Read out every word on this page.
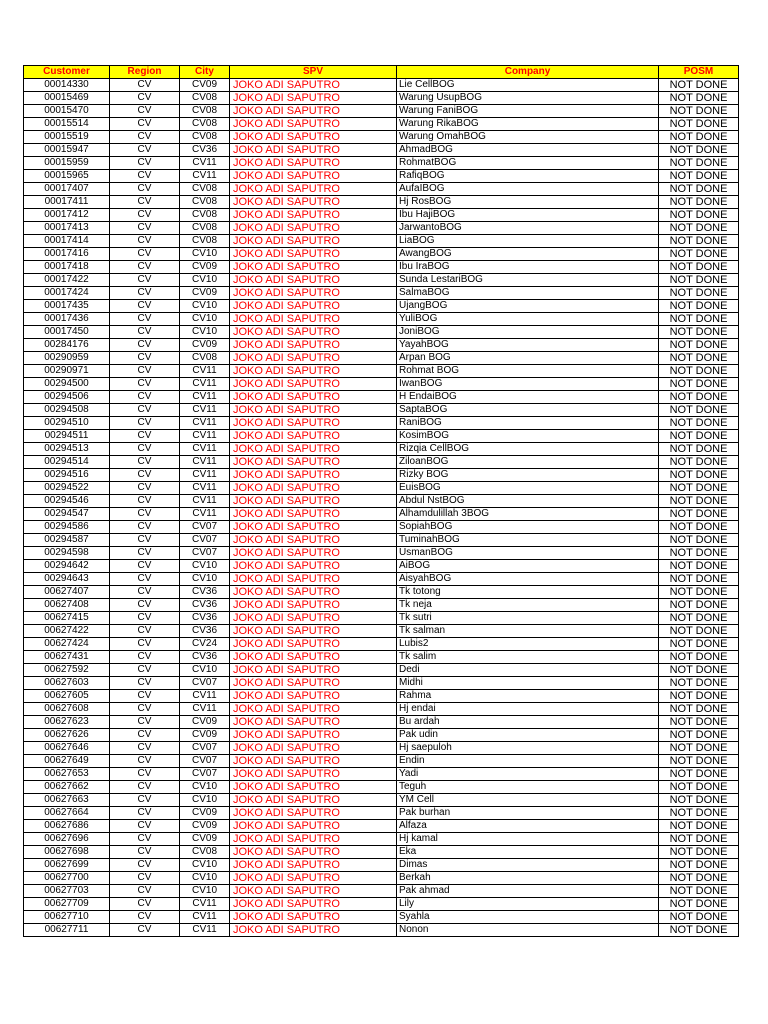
Customer	Region	City	SPV	Company	POSM
00014330	CV	CV09	JOKO ADI SAPUTRO	Lie CellBOG	NOT DONE
00015469	CV	CV08	JOKO ADI SAPUTRO	Warung UsupBOG	NOT DONE
00015470	CV	CV08	JOKO ADI SAPUTRO	Warung FaniBOG	NOT DONE
00015514	CV	CV08	JOKO ADI SAPUTRO	Warung RikaBOG	NOT DONE
00015519	CV	CV08	JOKO ADI SAPUTRO	Warung OmahBOG	NOT DONE
00015947	CV	CV36	JOKO ADI SAPUTRO	AhmadBOG	NOT DONE
00015959	CV	CV11	JOKO ADI SAPUTRO	RohmatBOG	NOT DONE
00015965	CV	CV11	JOKO ADI SAPUTRO	RafiqBOG	NOT DONE
00017407	CV	CV08	JOKO ADI SAPUTRO	AufaIBOG	NOT DONE
00017411	CV	CV08	JOKO ADI SAPUTRO	Hj RosBOG	NOT DONE
00017412	CV	CV08	JOKO ADI SAPUTRO	Ibu HajiBOG	NOT DONE
00017413	CV	CV08	JOKO ADI SAPUTRO	JarwantoBOG	NOT DONE
00017414	CV	CV08	JOKO ADI SAPUTRO	LiaBOG	NOT DONE
00017416	CV	CV10	JOKO ADI SAPUTRO	AwangBOG	NOT DONE
00017418	CV	CV09	JOKO ADI SAPUTRO	Ibu IraBOG	NOT DONE
00017422	CV	CV10	JOKO ADI SAPUTRO	Sunda LestariBOG	NOT DONE
00017424	CV	CV09	JOKO ADI SAPUTRO	SalmaBOG	NOT DONE
00017435	CV	CV10	JOKO ADI SAPUTRO	UjangBOG	NOT DONE
00017436	CV	CV10	JOKO ADI SAPUTRO	YuliBOG	NOT DONE
00017450	CV	CV10	JOKO ADI SAPUTRO	JoniBOG	NOT DONE
00284176	CV	CV09	JOKO ADI SAPUTRO	YayahBOG	NOT DONE
00290959	CV	CV08	JOKO ADI SAPUTRO	Arpan BOG	NOT DONE
00290971	CV	CV11	JOKO ADI SAPUTRO	Rohmat BOG	NOT DONE
00294500	CV	CV11	JOKO ADI SAPUTRO	IwanBOG	NOT DONE
00294506	CV	CV11	JOKO ADI SAPUTRO	H EndaiBOG	NOT DONE
00294508	CV	CV11	JOKO ADI SAPUTRO	SaptaBOG	NOT DONE
00294510	CV	CV11	JOKO ADI SAPUTRO	RaniBOG	NOT DONE
00294511	CV	CV11	JOKO ADI SAPUTRO	KosimBOG	NOT DONE
00294513	CV	CV11	JOKO ADI SAPUTRO	Rizqia CellBOG	NOT DONE
00294514	CV	CV11	JOKO ADI SAPUTRO	ZiloanBOG	NOT DONE
00294516	CV	CV11	JOKO ADI SAPUTRO	Rizky BOG	NOT DONE
00294522	CV	CV11	JOKO ADI SAPUTRO	EuisBOG	NOT DONE
00294546	CV	CV11	JOKO ADI SAPUTRO	Abdul NstBOG	NOT DONE
00294547	CV	CV11	JOKO ADI SAPUTRO	Alhamdulillah 3BOG	NOT DONE
00294586	CV	CV07	JOKO ADI SAPUTRO	SopiahBOG	NOT DONE
00294587	CV	CV07	JOKO ADI SAPUTRO	TuminahBOG	NOT DONE
00294598	CV	CV07	JOKO ADI SAPUTRO	UsmanBOG	NOT DONE
00294642	CV	CV10	JOKO ADI SAPUTRO	AiBOG	NOT DONE
00294643	CV	CV10	JOKO ADI SAPUTRO	AisyahBOG	NOT DONE
00627407	CV	CV36	JOKO ADI SAPUTRO	Tk totong	NOT DONE
00627408	CV	CV36	JOKO ADI SAPUTRO	Tk neja	NOT DONE
00627415	CV	CV36	JOKO ADI SAPUTRO	Tk sutri	NOT DONE
00627422	CV	CV36	JOKO ADI SAPUTRO	Tk salman	NOT DONE
00627424	CV	CV24	JOKO ADI SAPUTRO	Lubis2	NOT DONE
00627431	CV	CV36	JOKO ADI SAPUTRO	Tk salim	NOT DONE
00627592	CV	CV10	JOKO ADI SAPUTRO	Dedi	NOT DONE
00627603	CV	CV07	JOKO ADI SAPUTRO	Midhi	NOT DONE
00627605	CV	CV11	JOKO ADI SAPUTRO	Rahma	NOT DONE
00627608	CV	CV11	JOKO ADI SAPUTRO	Hj endai	NOT DONE
00627623	CV	CV09	JOKO ADI SAPUTRO	Bu ardah	NOT DONE
00627626	CV	CV09	JOKO ADI SAPUTRO	Pak udin	NOT DONE
00627646	CV	CV07	JOKO ADI SAPUTRO	Hj saepuloh	NOT DONE
00627649	CV	CV07	JOKO ADI SAPUTRO	Endin	NOT DONE
00627653	CV	CV07	JOKO ADI SAPUTRO	Yadi	NOT DONE
00627662	CV	CV10	JOKO ADI SAPUTRO	Teguh	NOT DONE
00627663	CV	CV10	JOKO ADI SAPUTRO	YM Cell	NOT DONE
00627664	CV	CV09	JOKO ADI SAPUTRO	Pak burhan	NOT DONE
00627686	CV	CV09	JOKO ADI SAPUTRO	Alfaza	NOT DONE
00627696	CV	CV09	JOKO ADI SAPUTRO	Hj kamal	NOT DONE
00627698	CV	CV08	JOKO ADI SAPUTRO	Eka	NOT DONE
00627699	CV	CV10	JOKO ADI SAPUTRO	Dimas	NOT DONE
00627700	CV	CV10	JOKO ADI SAPUTRO	Berkah	NOT DONE
00627703	CV	CV10	JOKO ADI SAPUTRO	Pak ahmad	NOT DONE
00627709	CV	CV11	JOKO ADI SAPUTRO	Lily	NOT DONE
00627710	CV	CV11	JOKO ADI SAPUTRO	Syahla	NOT DONE
00627711	CV	CV11	JOKO ADI SAPUTRO	Nonon	NOT DONE
